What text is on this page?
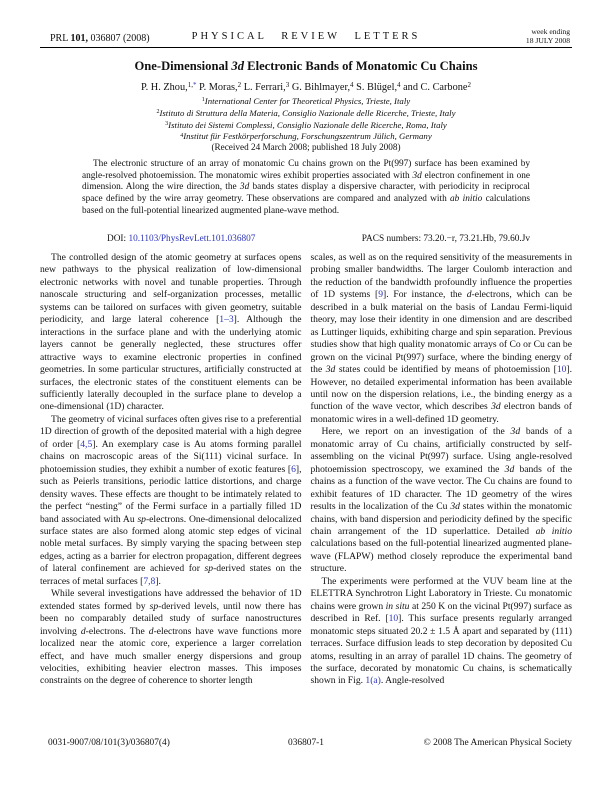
PRL 101, 036807 (2008)	PHYSICAL REVIEW LETTERS	week ending
18 JULY 2008
One-Dimensional 3d Electronic Bands of Monatomic Cu Chains
P. H. Zhou,$^{1,*}$ P. Moras,$^2$ L. Ferrari,$^3$ G. Bihlmayer,$^4$ S. Blügel,$^4$ and C. Carbone$^2$
$^1$International Center for Theoretical Physics, Trieste, Italy
$^2$Istituto di Struttura della Materia, Consiglio Nazionale delle Ricerche, Trieste, Italy
$^3$Istituto dei Sistemi Complessi, Consiglio Nazionale delle Ricerche, Roma, Italy
$^4$Institut für Festkörperforschung, Forschungszentrum Jülich, Germany
(Received 24 March 2008; published 18 July 2008)
The electronic structure of an array of monatomic Cu chains grown on the Pt(997) surface has been examined by angle-resolved photoemission. The monatomic wires exhibit properties associated with 3d electron confinement in one dimension. Along the wire direction, the 3d bands states display a dispersive character, with periodicity in reciprocal space defined by the wire array geometry. These observations are compared and analyzed with ab initio calculations based on the full-potential linearized augmented plane-wave method.
DOI: 10.1103/PhysRevLett.101.036807	PACS numbers: 73.20.−r, 73.21.Hb, 79.60.Jv

The controlled design of the atomic geometry at surfaces opens new pathways to the physical realization of low-dimensional electronic networks with novel and tunable properties. Through nanoscale structuring and self-organization processes, metallic systems can be tailored on surfaces with given geometry, suitable periodicity, and large lateral coherence [1–3]. Although the interactions in the surface plane and with the underlying atomic layers cannot be generally neglected, these structures offer attractive ways to examine electronic properties in confined geometries. In some particular structures, artificially constructed at surfaces, the electronic states of the constituent elements can be sufficiently laterally decoupled in the surface plane to develop a one-dimensional (1D) character.

The geometry of vicinal surfaces often gives rise to a preferential 1D direction of growth of the deposited material with a high degree of order [4,5]. An exemplary case is Au atoms forming parallel chains on macroscopic areas of the Si(111) vicinal surface. In photoemission studies, they exhibit a number of exotic features [6], such as Peierls transitions, periodic lattice distortions, and charge density waves. These effects are thought to be intimately related to the perfect “nesting” of the Fermi surface in a partially filled 1D band associated with Au sp-electrons. One-dimensional delocalized surface states are also formed along atomic step edges of vicinal noble metal surfaces. By simply varying the spacing between step edges, acting as a barrier for electron propagation, different degrees of lateral confinement are achieved for sp-derived states on the terraces of metal surfaces [7,8].

While several investigations have addressed the behavior of 1D extended states formed by sp-derived levels, until now there has been no comparably detailed study of surface nanostructures involving d-electrons. The d-electrons have wave functions more localized near the atomic core, experience a larger correlation effect, and have much smaller energy dispersions and group velocities, exhibiting heavier electron masses. This imposes constraints on the degree of coherence to shorter length

scales, as well as on the required sensitivity of the measurements in probing smaller bandwidths. The larger Coulomb interaction and the reduction of the bandwidth profoundly influence the properties of 1D systems [9]. For instance, the d-electrons, which can be described in a bulk material on the basis of Landau Fermi-liquid theory, may lose their identity in one dimension and are described as Luttinger liquids, exhibiting charge and spin separation. Previous studies show that high quality monatomic arrays of Co or Cu can be grown on the vicinal Pt(997) surface, where the binding energy of the 3d states could be identified by means of photoemission [10]. However, no detailed experimental information has been available until now on the dispersion relations, i.e., the binding energy as a function of the wave vector, which describes 3d electron bands of monatomic wires in a well-defined 1D geometry.

Here, we report on an investigation of the 3d bands of a monatomic array of Cu chains, artificially constructed by self-assembling on the vicinal Pt(997) surface. Using angle-resolved photoemission spectroscopy, we examined the 3d bands of the chains as a function of the wave vector. The Cu chains are found to exhibit features of 1D character. The 1D geometry of the wires results in the localization of the Cu 3d states within the monatomic chains, with band dispersion and periodicity defined by the specific chain arrangement of the 1D superlattice. Detailed ab initio calculations based on the full-potential linearized augmented plane-wave (FLAPW) method closely reproduce the experimental band structure.

The experiments were performed at the VUV beam line at the ELETTRA Synchrotron Light Laboratory in Trieste. Cu monatomic chains were grown in situ at 250 K on the vicinal Pt(997) surface as described in Ref. [10]. This surface presents regularly arranged monatomic steps situated 20.2 ± 1.5 Å apart and separated by (111) terraces. Surface diffusion leads to step decoration by deposited Cu atoms, resulting in an array of parallel 1D chains. The geometry of the surface, decorated by monatomic Cu chains, is schematically shown in Fig. 1(a). Angle-resolved

0031-9007/08/101(3)/036807(4)	036807-1	© 2008 The American Physical Society
